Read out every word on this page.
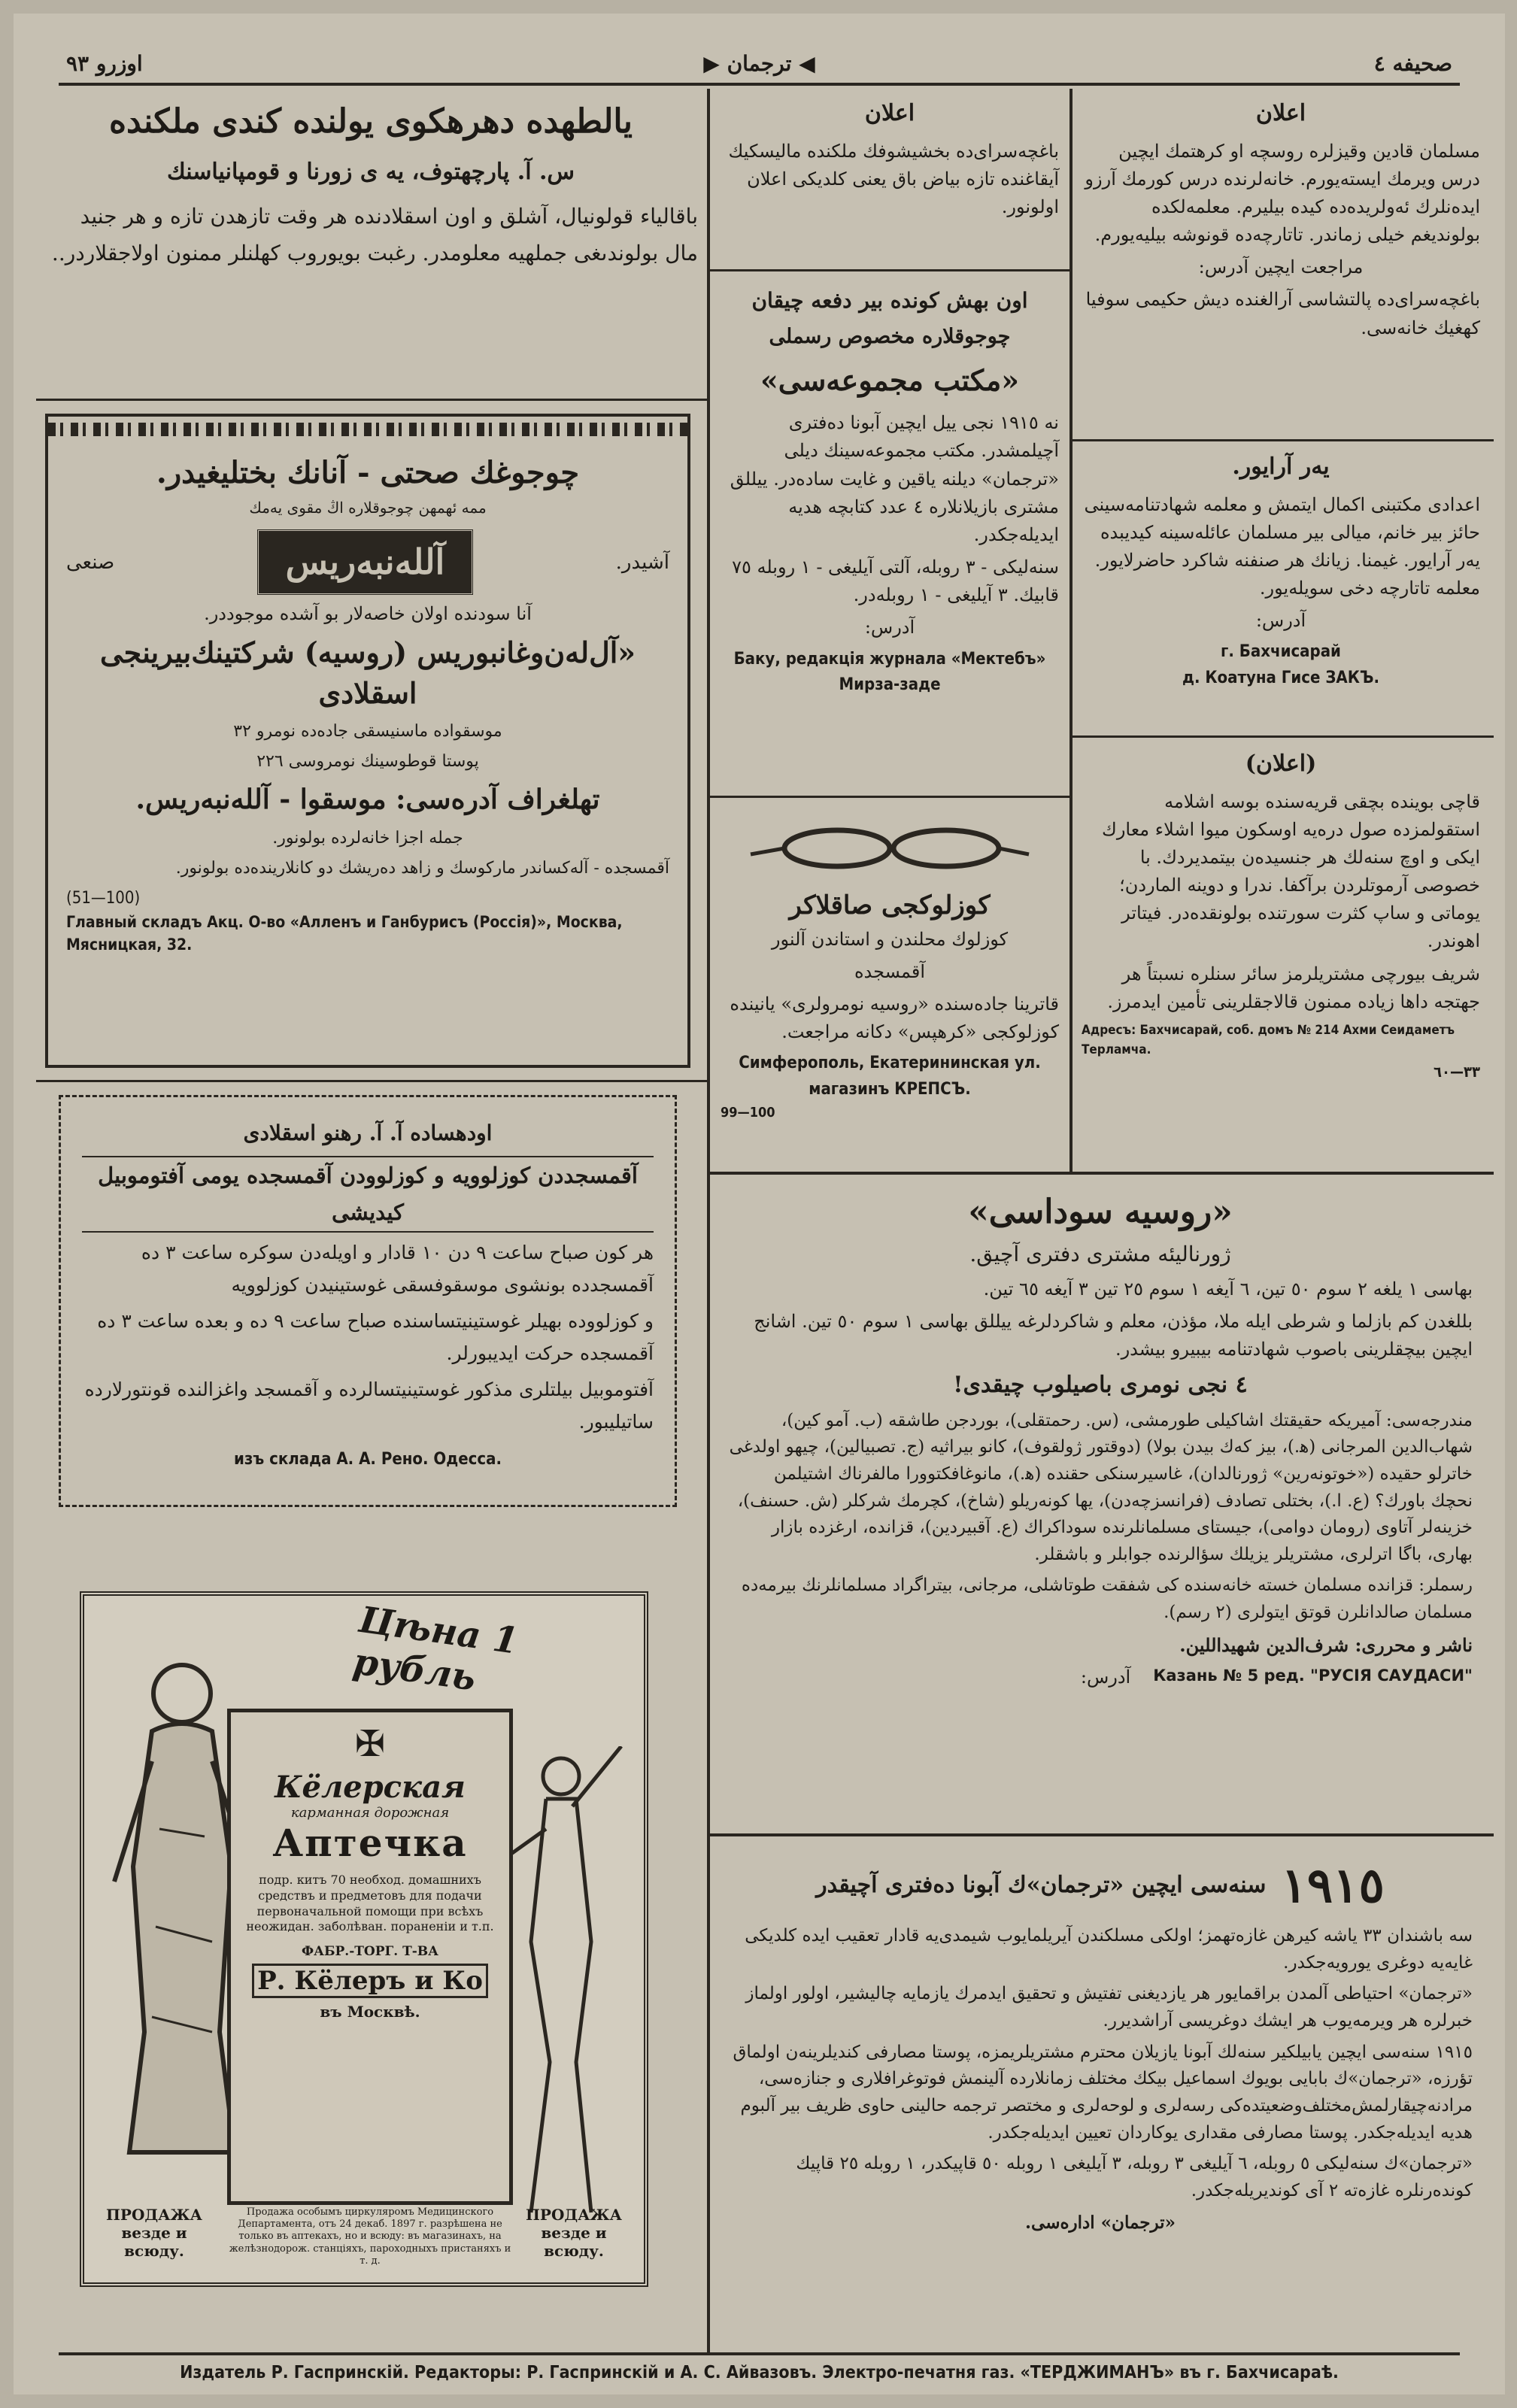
صحيفه ٤
◀ ترجمان ▶
اوزرو ٩٣
يالطهده دهرهكوى يولنده كندى ملكنده

س. آ. پارچهتوف، يه ى زورنا و قومپانياسنك

باقالياء قولونيال، آشلق و اون اسقلادنده هر وقت تازهدن تازه و هر جنيد مال بولوندىغى جملهيه معلومدر. رغبت بويوروب كهلنلر ممنون اولاجقلاردر..

چوجوغك صحتى - آنانك بختليغيدر.

ممه ئهمهن چوجوقلاره اڭ مقوى يه‌مك

صنعى	آلله‌نبه‌ريس	آشيدر.

آنا سودنده اولان خاصه‌لار بو آشده موجوددر.

«آل‌له‌ن‌وغانبوريس (روسيه) شركتينك‌بيرينجى اسقلادى

موسقواده ماسنيسقى جاده‌ده نومرو ٣٢

پوستا قوطوسينك نومروسى ٢٢٦

تهلغراف آدره‌سى: موسقوا - آلله‌نبه‌ريس.

جمله اجزا خانه‌لرده بولونور.

آقمسجده - آله‌كساندر ماركوسك و زاهد ده‌ريشك دو كانلارينده‌ده بولونور.

(51—100)
Главный складъ Акц. О-во «Алленъ и Ганбурисъ (Россія)», Москва, Мясницкая, 32.

اودهساده آ. آ. رهنو اسقلادى

آقمسجددن كوزلوويه و كوزلوودن آقمسجده يومى آفتوموبيل كيديشى

هر كون صباح ساعت ٩ دن ١٠ قادار و اويله‌دن سوكره ساعت ٣ ده آقمسجدده بونشوى موسقوفسقى غوستينيدن كوزلوويه

و كوزلووده بهيلر غوستينيتساسنده صباح ساعت ٩ ده و بعده ساعت ٣ ده آقمسجده حركت ايديبورلر.

آفتوموبيل بيلتلرى مذكور غوستينيتسالرده و آقمسجد واغزالنده قونتورلارده ساتيليبور.

изъ склада А. А. Рено. Одесса.
Цѣна 1 рубль
✠
Кёлерская
карманная дорожная
Аптечка
подр. китъ 70 необход. домашнихъ средствъ и предметовъ для подачи первоначальной помощи при всѣхъ неожидан. заболѣван. пораненіи и т.п.
ФАБР.-ТОРГ. Т-ВА
Р. Кёлеръ и Ко
въ Москвѣ.
ПРОДАЖА везде и всюду.
Продажа особымъ циркуляромъ Медицинского Департамента, отъ 24 декаб. 1897 г. разрѣшена не только въ аптекахъ, но и всюду: въ магазинахъ, на желѣзнодорож. станціяхъ, пароходныхъ пристаняхъ и т. д.
ПРОДАЖА везде и всюду.
اعلان

باغچه‌سراى‌ده بخشيشوفك ملكنده ماليسكيك آيقاغنده تازه بياض باق يعنى كلديكى اعلان اولونور.

اون بهش كونده بير دفعه چيقان

چوجوقلاره مخصوص رسملى

«مكتب مجموعه‌سى»

نه ١٩١٥ نجى ييل ايچين آبونا ده‌فترى آچيلمشدر. مكتب مجموعه‌سينك ديلى «ترجمان» ديلنه ياقين و غايت ساده‌در. ييللق مشترى بازيلانلاره ٤ عدد كتابچه هديه ايديله‌جكدر.

سنه‌ليكى - ٣ روبله، آلتى آيليغى - ١ روبله ٧٥ قابيك. ٣ آيليغى - ١ روبله‌در.

آدرس:

Баку, редакція журнала «Мектебъ»
Мирза-заде
كوزلوكجى صاقلاكر

كوزلوك محلندن و استاندن آلنور

آقمسجده

قاترينا جاده‌سنده «روسيه نومرولرى» يانينده كوزلوكجى «كرهپس» دكانه مراجعت.

Симферополь, Екатерининская ул.
магазинъ КРЕПСЪ.
99—100
اعلان

مسلمان قادين وقيزلره روسچه او كرهتمك ايچين درس ويرمك ايسته‌يورم. خانه‌لرنده درس كورمك آرزو ايده‌نلرك ئه‌ولريده‌ده كيده بيليرم. معلمه‌لكده بولونديغم خيلى زماندر. تاتارچه‌ده قونوشه بيليه‌يورم.

مراجعت ايچين آدرس:

باغچه‌سراى‌ده پالتشاسى آرالغنده ديش حكيمى سوفيا كهغيك خانه‌سى.

يه‌ر آرايور.

اعدادى مكتبنى اكمال ايتمش و معلمه شهادتنامه‌سينى حائز بير خانم، ميالى بير مسلمان عائله‌سينه كيديبده يه‌ر آرايور. غيمنا. زيانك هر صنفنه شاكرد حاضرلايور. معلمه تاتارچه دخى سويله‌يور.

آدرس:

г. Бахчисарай
д. Коатуна Гисе ЗАКЪ.
(اعلان)

قاچى بوينده بچقى قريه‌سنده بوسه اشلامه استقولمزده صول دره‌يه اوسكون ميوا اشلاء معارك ايكى و اوچ سنه‌لك هر جنسيده‌ن بيتمديردك. با خصوصى آرموتلردن برآكفا. ندرا و دوينه الماردن؛ يوماتى و ساپ كثرت سورتنده بولونقده‌در. فيتاتر اهوندر.

شريف بيورچى مشتريلرمز سائر سنلره نسبتاً هر جهتجه داها زياده ممنون قالاجقلرينى تأمين ايدمرز.

Адресъ: Бахчисарай, соб. домъ № 214 Ахми Сеидаметъ Терламча.
٣٣—٦٠
«روسيه سوداسى»

ژورناليئه مشترى دفترى آچيق.

بهاسى ١ يلغه ٢ سوم ٥٠ تين، ٦ آيغه ١ سوم ٢٥ تين ٣ آيغه ٦٥ تين.

بللغدن كم بازلما و شرطى ايله ملا، مؤذن، معلم و شاكردلرغه ييللق بهاسى ١ سوم ٥٠ تين. اشانج ايچين بيچقلرينى باصوب شهادتنامه بيبيرو بيشدر.

٤ نجى نومرى باصيلوب چيقدى!

مندرجه‌سى: آميريكه حقيقتك اشاكيلى طورمشى، (س. رحمتقلى)، بوردجن طاشقه (ب. آمو كين)، شهاب‌الدين المرجانى (ﻫ.)، بيز كه‌ك بيدن بولا) (دوقتور ژولقوف)، كانو بيراثيه (ج. تصبيالين)، چيهو اولدغى خاترلو حقيده («خوتونه‌رين» ژورنالدان)، غاسيرسنكى حقنده (ﻫ.)، مانوغافكتوورا مالفرناك اشتيلمن نحچك باورك؟ (ع. ا.)، بختلى تصادف (فرانسزچه‌دن)، يها كونه‌ريلو (شاخ)، كچرمك شركلر (ش. حسنف)، خزينه‌لر آتاوى (رومان دوامى)، جيستاى مسلمانلرنده سوداكراك (ع. آقبيردين)، قزانده، ارغزده بازار بهارى، باگا اترلرى، مشتريلر يزيلك سؤالرنده جوابلر و باشقلر.

رسملر: قزانده مسلمان خسته خانه‌سنده كى شفقت طوتاشلى، مرجانى، بيتراگراد مسلمانلرنك بيرمه‌ده مسلمان صالدانلرن قوتق ايتولرى (٢ رسم).

ناشر و محررى: شرف‌الدين شهيداللين.

Казань № 5 ред. "РУСІЯ САУДАСИ"
آدرس:
١٩١٥
سنه‌سى ايچين «ترجمان»ك آبونا ده‌فترى آچيقدر

سه باشندان ٣٣ ياشه كيرهن غازه‌تهمز؛ اولكى مسلكندن آيريلمايوب شيمدى‌يه قادار تعقيب ايده كلديكى غايه‌يه دوغرى يورويه‌جكدر.

«ترجمان» احتياطى آلمدن براقمايور هر يازديغنى تفتيش و تحقيق ايدمرك يازمايه چاليشير، اولور اولماز خبرلره هر ويرمه‌يوب هر ايشك دوغريسى آراشديرر.

١٩١٥ سنه‌سى ايچين يابيلكير سنه‌لك آبونا يازيلان محترم مشتريلريمزه، پوستا مصارفى كنديلرينه‌ن اولماق تؤرزه، «ترجمان»ك بابايى بويوك اسماعيل بيكك مختلف زمانلارده آلينمش فوتوغرافلارى و جنازه‌سى، مرادنه‌چيقارلمش‌مختلف‌وضعيتده‌كى رسه‌لرى و لوحه‌لرى و مختصر ترجمه حالينى حاوى ظريف بير آلبوم هديه ايديله‌جكدر. پوستا مصارفى مقدارى يوكاردان تعيين ايديله‌جكدر.

«ترجمان»ك سنه‌ليكى ٥ روبله، ٦ آيليغى ٣ روبله، ٣ آيليغى ١ روبله ٥٠ قاپيكدر، ١ روبله ٢٥ قاپيك كونده‌رنلره غازه‌ته ٢ آى كونديريله‌جكدر.

«ترجمان» اداره‌سى.

Издатель Р. Гаспринскій. Редакторы: Р. Гаспринскій и А. С. Айвазовъ. Электро-печатня газ. «ТЕРДЖИМАНЪ» въ г. Бахчисараѣ.
